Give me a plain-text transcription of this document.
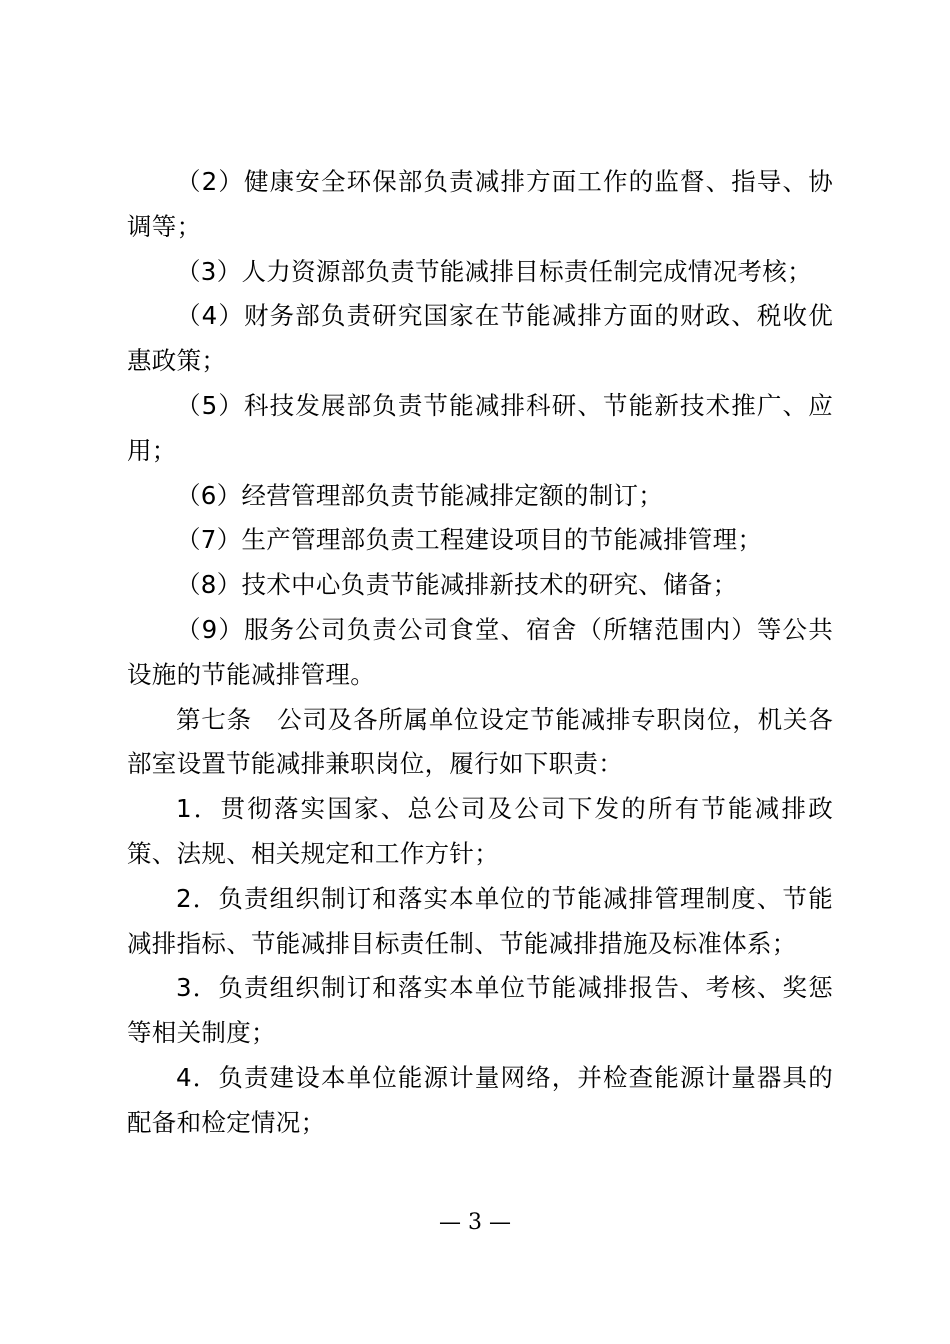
（2）健康安全环保部负责减排方面工作的监督、指导、协调等；

（3）人力资源部负责节能减排目标责任制完成情况考核；

（4）财务部负责研究国家在节能减排方面的财政、税收优惠政策；

（5）科技发展部负责节能减排科研、节能新技术推广、应用；

（6）经营管理部负责节能减排定额的制订；

（7）生产管理部负责工程建设项目的节能减排管理；

（8）技术中心负责节能减排新技术的研究、储备；

（9）服务公司负责公司食堂、宿舍（所辖范围内）等公共设施的节能减排管理。

第七条　公司及各所属单位设定节能减排专职岗位，机关各部室设置节能减排兼职岗位，履行如下职责：

1．贯彻落实国家、总公司及公司下发的所有节能减排政策、法规、相关规定和工作方针；

2．负责组织制订和落实本单位的节能减排管理制度、节能减排指标、节能减排目标责任制、节能减排措施及标准体系；

3．负责组织制订和落实本单位节能减排报告、考核、奖惩等相关制度；

4．负责建设本单位能源计量网络，并检查能源计量器具的配备和检定情况；

— 3 —
